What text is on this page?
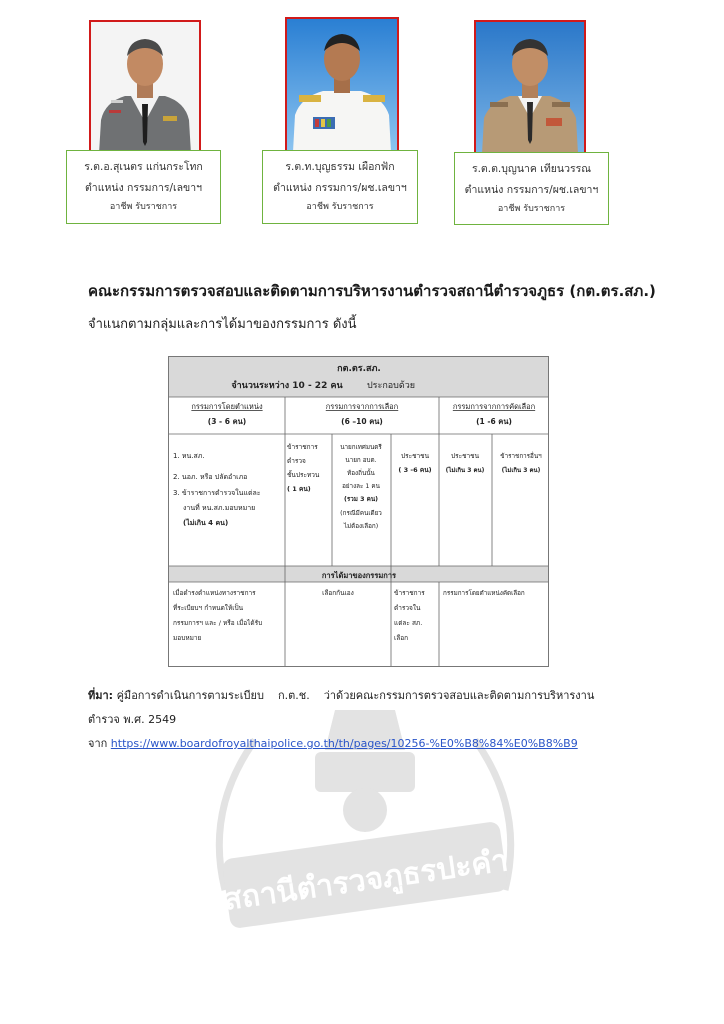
ร.ต.อ.สุเนตร แก่นกระโทก
ตำแหน่ง กรรมการ/เลขาฯ
อาชีพ รับราชการ
ร.ต.ท.บุญธรรม เผือกฟัก
ตำแหน่ง กรรมการ/ผช.เลขาฯ
อาชีพ รับราชการ
ร.ต.ต.บุญนาค เทียนวรรณ
ตำแหน่ง กรรมการ/ผช.เลขาฯ
อาชีพ รับราชการ
คณะกรรมการตรวจสอบและติดตามการบริหารงานตำรวจสถานีตำรวจภูธร (กต.ตร.สภ.)
จำแนกตามกลุ่มและการได้มาของกรรมการ ดังนี้
กต.ตร.สภ.
จำนวนระหว่าง 10 - 22 คน	ประกอบด้วย
กรรมการโดยตำแหน่ง
(3 - 6 คน)
กรรมการจากการเลือก
(6 –10 คน)
กรรมการจากการคัดเลือก
(1 -6 คน)
1. หน.สภ.
2. นอภ. หรือ ปลัดอำเภอ
3. ข้าราชการตำรวจในแต่ละ
งานที่ หน.สภ.มอบหมาย
(ไม่เกิน 4 คน)
ข้าราชการ
ตำรวจ
ชั้นประทวน
( 1 คน)
นายกเทศมนตรี
นายก อบต.
ท้องถิ่นนั้น
อย่างละ 1 คน
(รวม 3 คน)
(กรณีมีคนเดียว
ไม่ต้องเลือก)
ประชาชน
( 3 -6 คน)
ประชาชน
(ไม่เกิน 3 คน)
ข้าราชการอื่นฯ
(ไม่เกิน 3 คน)
การได้มาของกรรมการ
เมื่อดำรงตำแหน่งทางราชการ
ที่ระเบียบฯ กำหนดให้เป็น
กรรมการฯ และ / หรือ เมื่อได้รับ
มอบหมาย
เลือกกันเอง	ข้าราชการ
ตำรวจใน
แต่ละ สภ.
เลือก
กรรมการโดยตำแหน่งคัดเลือก
สถานีตำรวจภูธรปะคำ
ที่มา: คู่มือการดำเนินการตามระเบียบ    ก.ต.ช.    ว่าด้วยคณะกรรมการตรวจสอบและติดตามการบริหารงาน
ตำรวจ พ.ศ. 2549
จาก https://www.boardofroyalthaipolice.go.th/th/pages/10256-%E0%B8%84%E0%B8%B9
